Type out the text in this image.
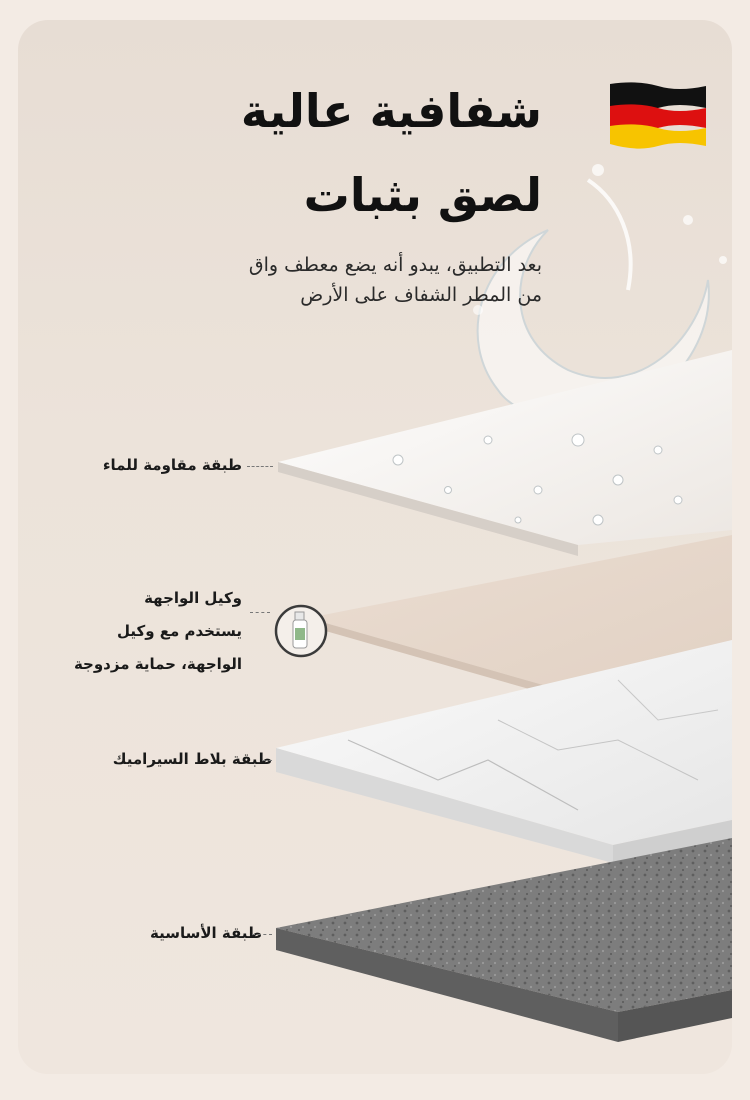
شفافية عالية
لصق بثبات

بعد التطبيق، يبدو أنه يضع معطف واق من المطر الشفاف على الأرض

طبقة مقاومة للماء
وكيل الواجهة
يستخدم مع وكيل
الواجهة، حماية مزدوجة
طبقة بلاط السيراميك
طبقة الأساسية
